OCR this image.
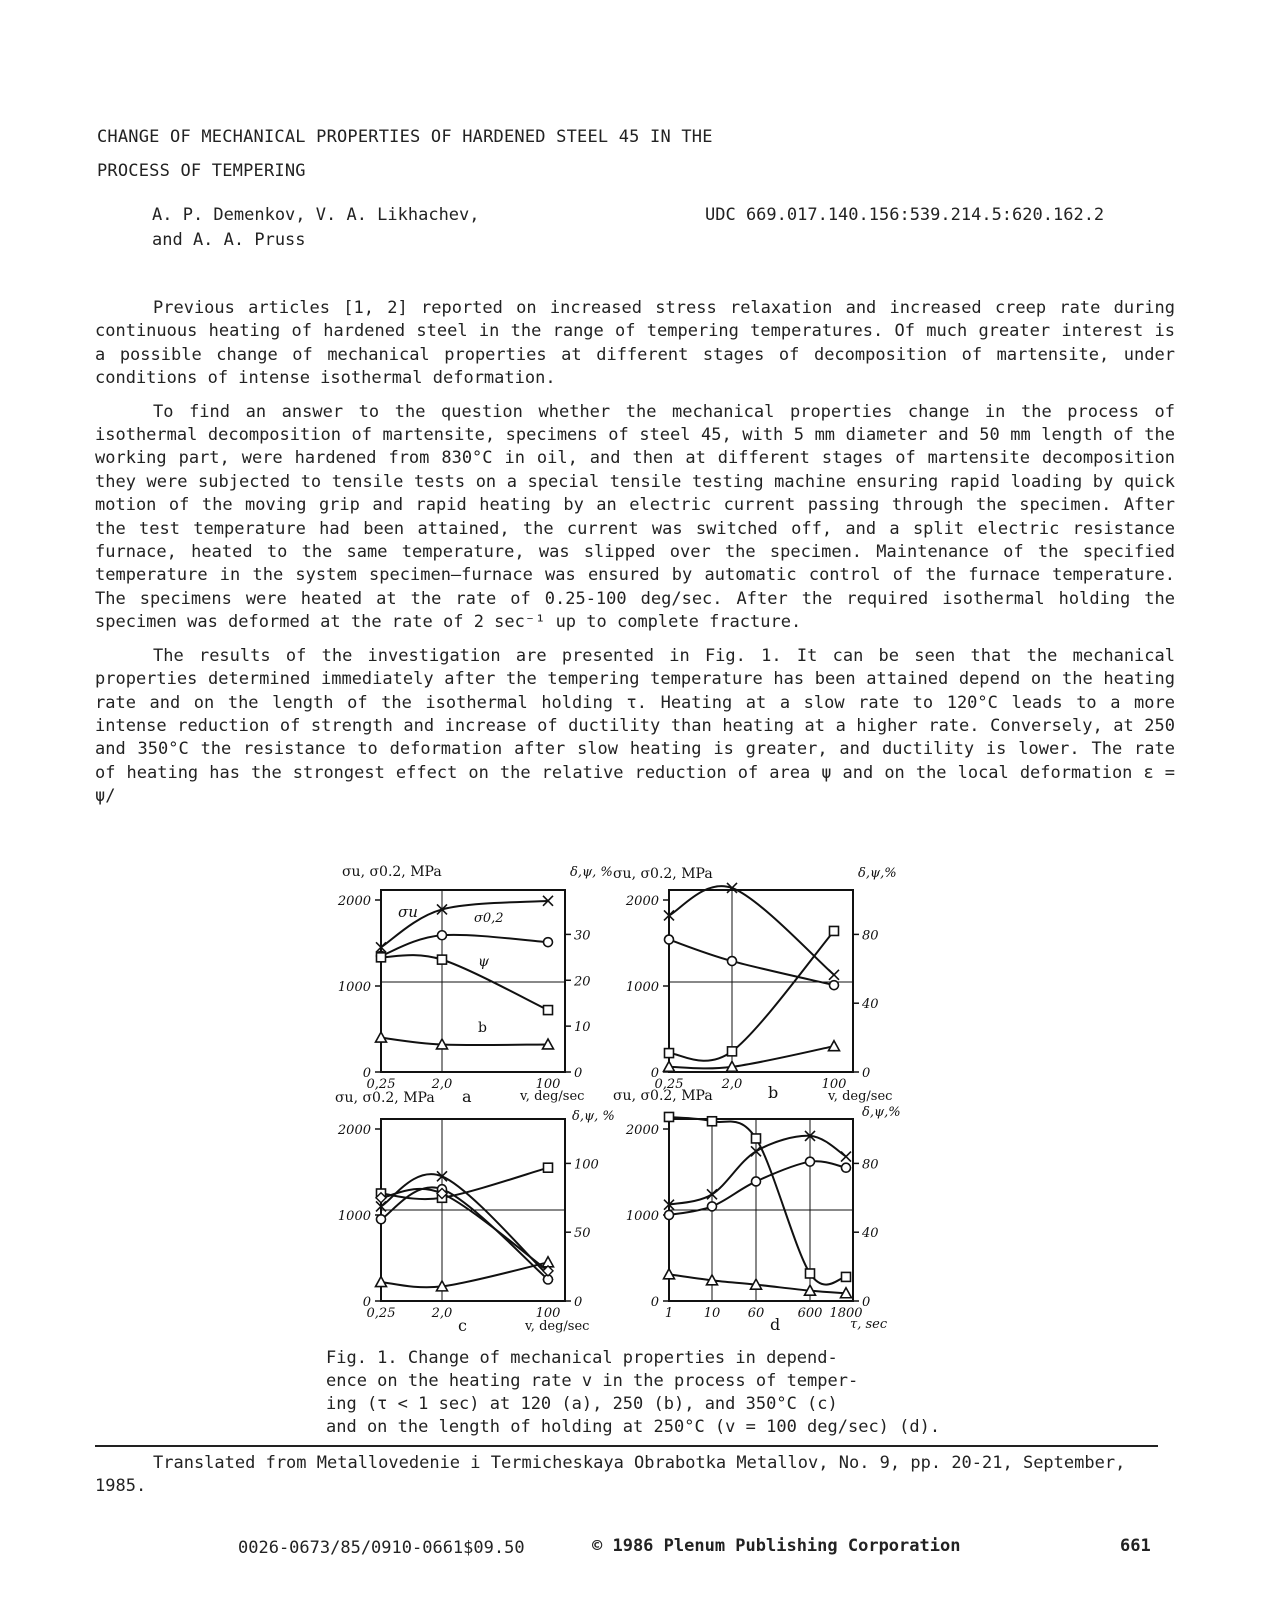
CHANGE OF MECHANICAL PROPERTIES OF HARDENED STEEL 45 IN THE
PROCESS OF TEMPERING
A. P. Demenkov, V. A. Likhachev,
and A. A. Pruss
UDC 669.017.140.156:539.214.5:620.162.2

Previous articles [1, 2] reported on increased stress relaxation and increased creep rate during continuous heating of hardened steel in the range of tempering temperatures. Of much greater interest is a possible change of mechanical properties at different stages of decomposition of martensite, under conditions of intense isothermal deformation.

To find an answer to the question whether the mechanical properties change in the process of isothermal decomposition of martensite, specimens of steel 45, with 5 mm diameter and 50 mm length of the working part, were hardened from 830°C in oil, and then at different stages of martensite decomposition they were subjected to tensile tests on a special tensile testing machine ensuring rapid loading by quick motion of the moving grip and rapid heating by an electric current passing through the specimen. After the test temperature had been attained, the current was switched off, and a split electric resistance furnace, heated to the same temperature, was slipped over the specimen. Maintenance of the specified temperature in the system specimen—furnace was ensured by automatic control of the furnace temperature. The specimens were heated at the rate of 0.25-100 deg/sec. After the required isothermal holding the specimen was deformed at the rate of 2 sec⁻¹ up to complete fracture.

The results of the investigation are presented in Fig. 1. It can be seen that the mechanical properties determined immediately after the tempering temperature has been attained depend on the heating rate and on the length of the isothermal holding τ. Heating at a slow rate to 120°C leads to a more intense reduction of strength and increase of ductility than heating at a higher rate. Conversely, at 250 and 350°C the resistance to deformation after slow heating is greater, and ductility is lower. The rate of heating has the strongest effect on the relative reduction of area ψ and on the local deformation ε = ψ/

σu, σ0.2, MPa	δ,ψ, % σu, σ0.2, MPa	δ,ψ,%
σu, σ0.2, MPa
δ,ψ, %
σu, σ0.2, MPa
δ,ψ,%
v, deg/sec	v, deg/sec
v, deg/sec	τ, sec
a	b
c	d
σu	σ0,2
ψ
b
0,25	2,0	100
0
1000
2000
0
10
20
30
0,25	2,0	100
0
1000
2000
0
40
80
0,25	2,0	100
0
1000
2000
0
50
100
1 10 60	600 1800
0
1000
2000
0
40
80

Fig. 1. Change of mechanical properties in depend-

ence on the heating rate v in the process of temper-

ing (τ < 1 sec) at 120 (a), 250 (b), and 350°C (c)

and on the length of holding at 250°C (v = 100 deg/sec) (d).

Translated from Metallovedenie i Termicheskaya Obrabotka Metallov, No. 9, pp. 20-21, September, 1985.

0026-0673/85/0910-0661$09.50	© 1986 Plenum Publishing Corporation	661
